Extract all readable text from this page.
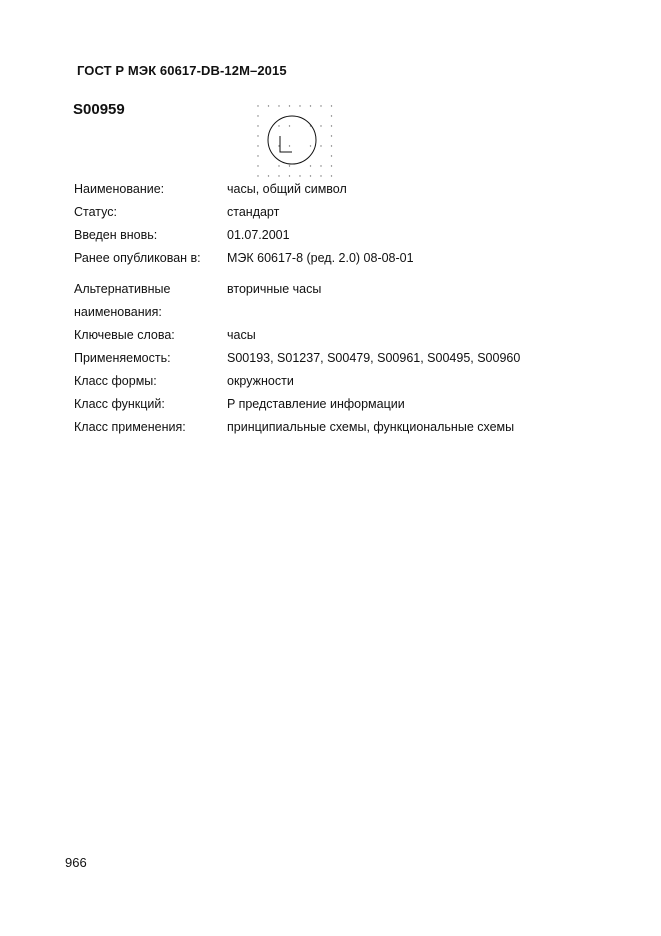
ГОСТ Р МЭК 60617-DB-12M–2015
S00959
Наименование:	часы, общий символ
Статус:	стандарт
Введен вновь:	01.07.2001
Ранее опубликован в:	МЭК 60617-8 (ред. 2.0) 08-08-01
Альтернативные наименования:
вторичные часы
Ключевые слова:	часы
Применяемость:	S00193, S01237, S00479, S00961, S00495, S00960
Класс формы:	окружности
Класс функций:	P представление информации
Класс применения:	принципиальные схемы, функциональные схемы
966
